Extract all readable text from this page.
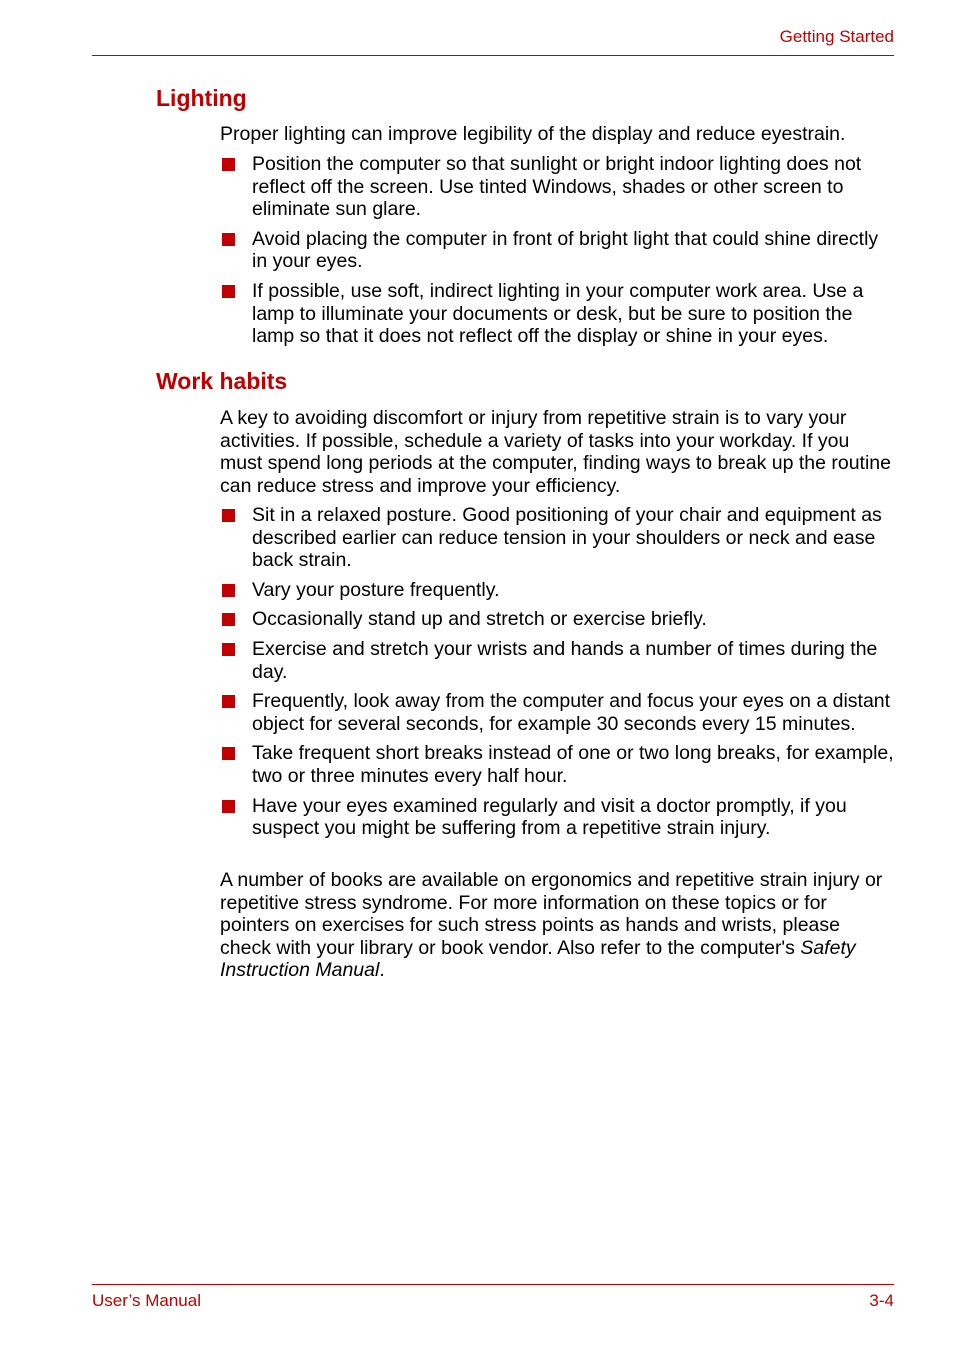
Getting Started
Lighting

Proper lighting can improve legibility of the display and reduce eyestrain.

Position the computer so that sunlight or bright indoor lighting does not reflect off the screen. Use tinted Windows, shades or other screen to eliminate sun glare.
Avoid placing the computer in front of bright light that could shine directly in your eyes.
If possible, use soft, indirect lighting in your computer work area. Use a lamp to illuminate your documents or desk, but be sure to position the lamp so that it does not reflect off the display or shine in your eyes.
Work habits

A key to avoiding discomfort or injury from repetitive strain is to vary your activities. If possible, schedule a variety of tasks into your workday. If you must spend long periods at the computer, finding ways to break up the routine can reduce stress and improve your efficiency.

Sit in a relaxed posture. Good positioning of your chair and equipment as described earlier can reduce tension in your shoulders or neck and ease back strain.
Vary your posture frequently.
Occasionally stand up and stretch or exercise briefly.
Exercise and stretch your wrists and hands a number of times during the day.
Frequently, look away from the computer and focus your eyes on a distant object for several seconds, for example 30 seconds every 15 minutes.
Take frequent short breaks instead of one or two long breaks, for example, two or three minutes every half hour.
Have your eyes examined regularly and visit a doctor promptly, if you suspect you might be suffering from a repetitive strain injury.

A number of books are available on ergonomics and repetitive strain injury or repetitive stress syndrome. For more information on these topics or for pointers on exercises for such stress points as hands and wrists, please check with your library or book vendor. Also refer to the computer's Safety Instruction Manual.

User’s Manual	3-4
